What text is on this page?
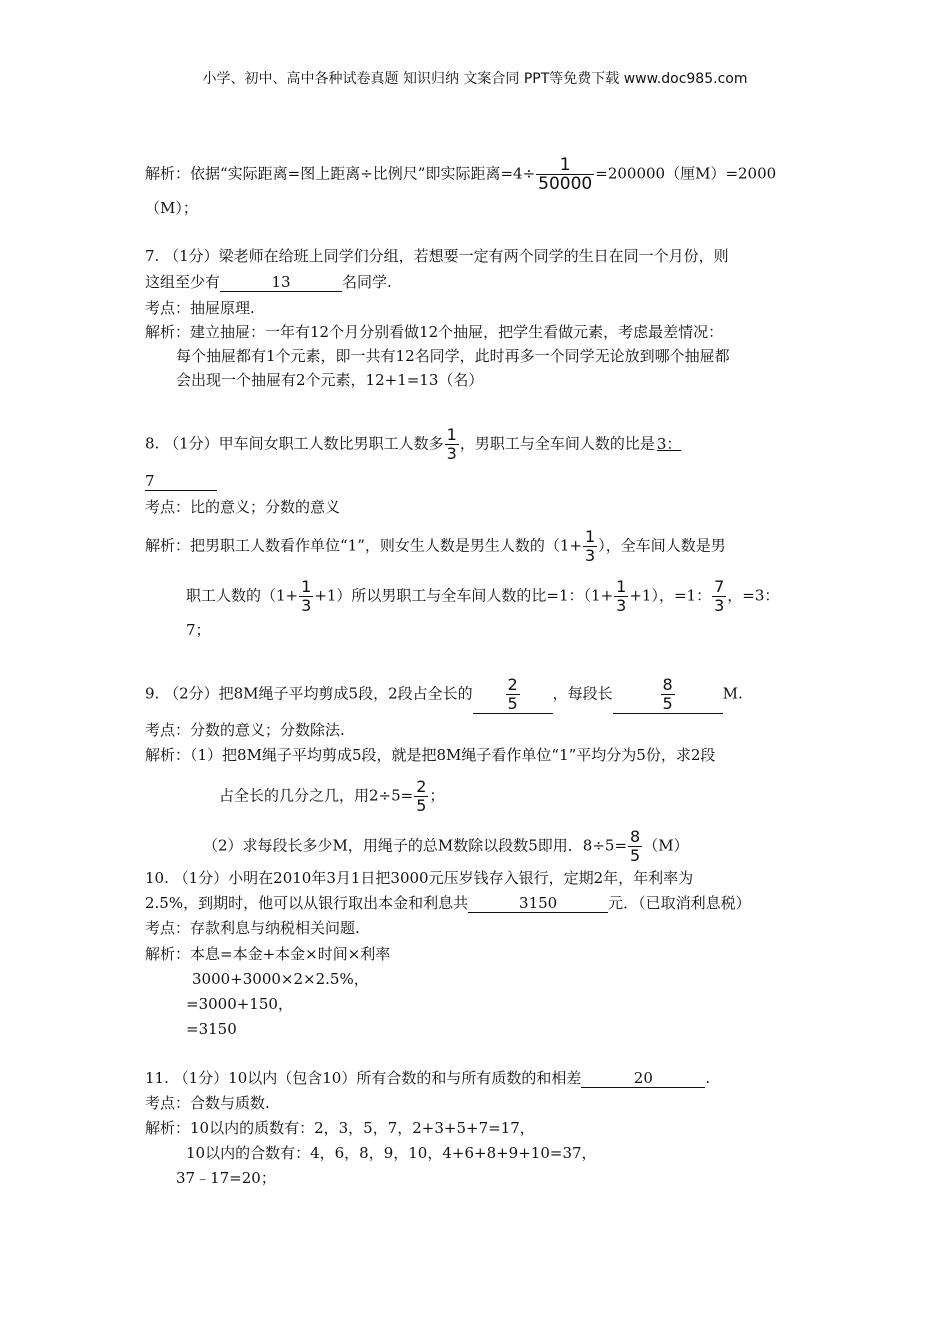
小学、初中、高中各种试卷真题 知识归纳 文案合同 PPT等免费下载 www.doc985.com
解析：依据“实际距离=图上距离÷比例尺”即实际距离$=4\div \frac{1}{50000} =200000$（厘M）=2000
（M）；
7. （1分）梁老师在给班上同学们分组，若想要一定有两个同学的生日在同一个月份，则
这组至少有	13	名同学.
考点：抽屉原理.
解析：建立抽屉：一年有12个月分别看做12个抽屉，把学生看做元素，考虑最差情况：
每个抽屉都有1个元素，即一共有12名同学，此时再多一个同学无论放到哪个抽屉都
会出现一个抽屉有2个元素，12+1=13（名）
8. （1分）甲车间女职工人数比男职工人数多 $\frac{1}{3}$ ，男职工与全车间人数的比是 3：
7
考点：比的意义；分数的意义
解析：把男职工人数看作单位“1”，则女生人数是男生人数的（$1+ \frac{1}{3}$ ），全车间人数是男
职工人数的$(1+ \frac{1}{3} +1)$所以男职工与全车间人数的比=1：$(1+ \frac{1}{3} +1)$，=1： $\frac{7}{3}$ ，=3：
7；
9. （2分）把8M绳子平均剪成5段，2段占全长的 $\frac{2}{5}$ ，每段长	$\frac{8}{5}$	M.
考点：分数的意义；分数除法.
解析：（1）把8M绳子平均剪成5段，就是把8M绳子看作单位“1”平均分为5份，求2段
占全长的几分之几，用$2\div 5= \frac{2}{5}$ ；
（2）求每段长多少M，用绳子的总M数除以段数5即用．$8\div 5= \frac{8}{5} (M)$
10. （1分）小明在2010年3月1日把3000元压岁钱存入银行，定期2年，年利率为
2.5%，到期时，他可以从银行取出本金和利息共	3150	元．（已取消利息税）
考点：存款利息与纳税相关问题.
解析：本息=本金+本金×时间×利率
3000+3000×2×2.5%，
=3000+150，
=3150
11. （1分）10以内（包含10）所有合数的和与所有质数的和相差	20	.
考点：合数与质数.
解析：10以内的质数有：2，3，5，7，2+3+5+7=17，
10以内的合数有：4，6，8，9，10，4+6+8+9+10=37，
37﹣17=20；
